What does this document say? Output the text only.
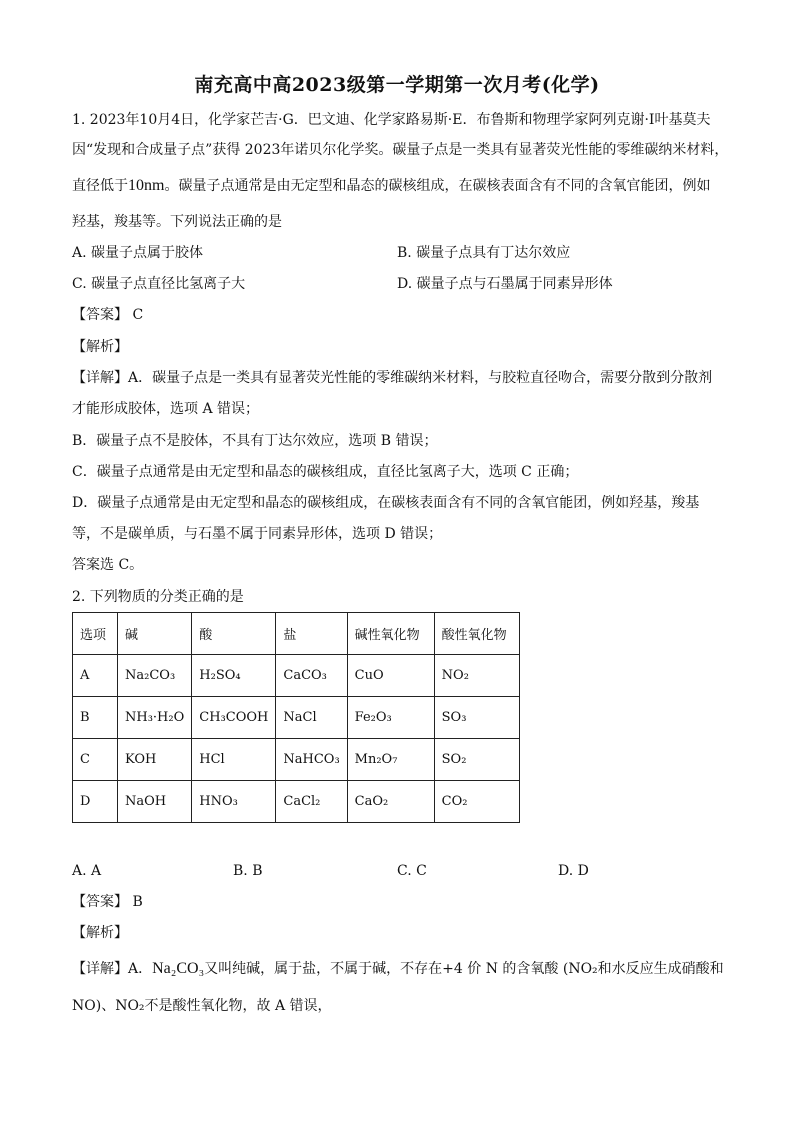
南充高中高2023级第一学期第一次月考(化学)
1. 2023年10月4日，化学家芒吉·G．巴文迪、化学家路易斯·E．布鲁斯和物理学家阿列克谢·I叶基莫夫
因“发现和合成量子点”获得 2023年诺贝尔化学奖。碳量子点是一类具有显著荧光性能的零维碳纳米材料，
直径低于10nm。碳量子点通常是由无定型和晶态的碳核组成，在碳核表面含有不同的含氧官能团，例如
羟基，羧基等。下列说法正确的是
A. 碳量子点属于胶体	B. 碳量子点具有丁达尔效应
C. 碳量子点直径比氢离子大	D. 碳量子点与石墨属于同素异形体
【答案】 C
【解析】
【详解】A．碳量子点是一类具有显著荧光性能的零维碳纳米材料，与胶粒直径吻合，需要分散到分散剂
才能形成胶体，选项 A 错误；
B．碳量子点不是胶体，不具有丁达尔效应，选项 B 错误；
C．碳量子点通常是由无定型和晶态的碳核组成，直径比氢离子大，选项 C 正确；
D．碳量子点通常是由无定型和晶态的碳核组成，在碳核表面含有不同的含氧官能团，例如羟基，羧基
等，不是碳单质，与石墨不属于同素异形体，选项 D 错误；
答案选 C。
2. 下列物质的分类正确的是
选项	碱	酸	盐	碱性氧化物	酸性氧化物
A	Na₂CO₃	H₂SO₄	CaCO₃	CuO	NO₂
B	NH₃·H₂O	CH₃COOH	NaCl	Fe₂O₃	SO₃
C	KOH	HCl	NaHCO₃	Mn₂O₇	SO₂
D	NaOH	HNO₃	CaCl₂	CaO₂	CO₂
A. A	B. B	C. C	D. D
【答案】 B
【解析】
【详解】A．Na₂CO₃又叫纯碱，属于盐，不属于碱，不存在+4 价 N 的含氧酸 (NO₂和水反应生成硝酸和
NO)、NO₂不是酸性氧化物，故 A 错误，
